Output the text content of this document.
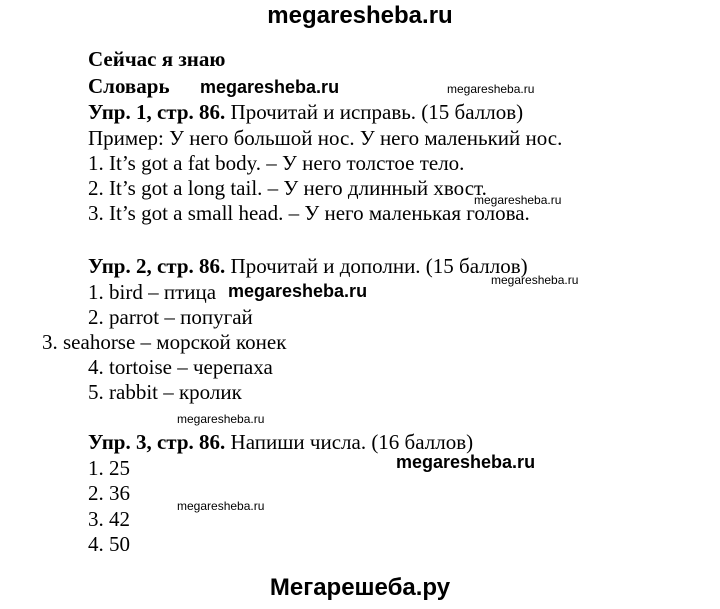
megaresheba.ru
Сейчас я знаю
Словарь
Упр. 1, стр. 86. Прочитай и исправь. (15 баллов)
Пример: У него большой нос. У него маленький нос.
1. It’s got a fat body. – У него толстое тело.
2. It’s got a long tail. – У него длинный хвост.
3. It’s got a small head. – У него маленькая голова.
Упр. 2, стр. 86. Прочитай и дополни. (15 баллов)
1. bird – птица
2. parrot – попугай
3. seahorse – морской конек
4. tortoise – черепаха
5. rabbit – кролик
Упр. 3, стр. 86. Напиши числа. (16 баллов)
1. 25
2. 36
3. 42
4. 50
megaresheba.ru
megaresheba.ru
megaresheba.ru
megaresheba.ru
megaresheba.ru
megaresheba.ru
megaresheba.ru
megaresheba.ru
Мегарешеба.ру
